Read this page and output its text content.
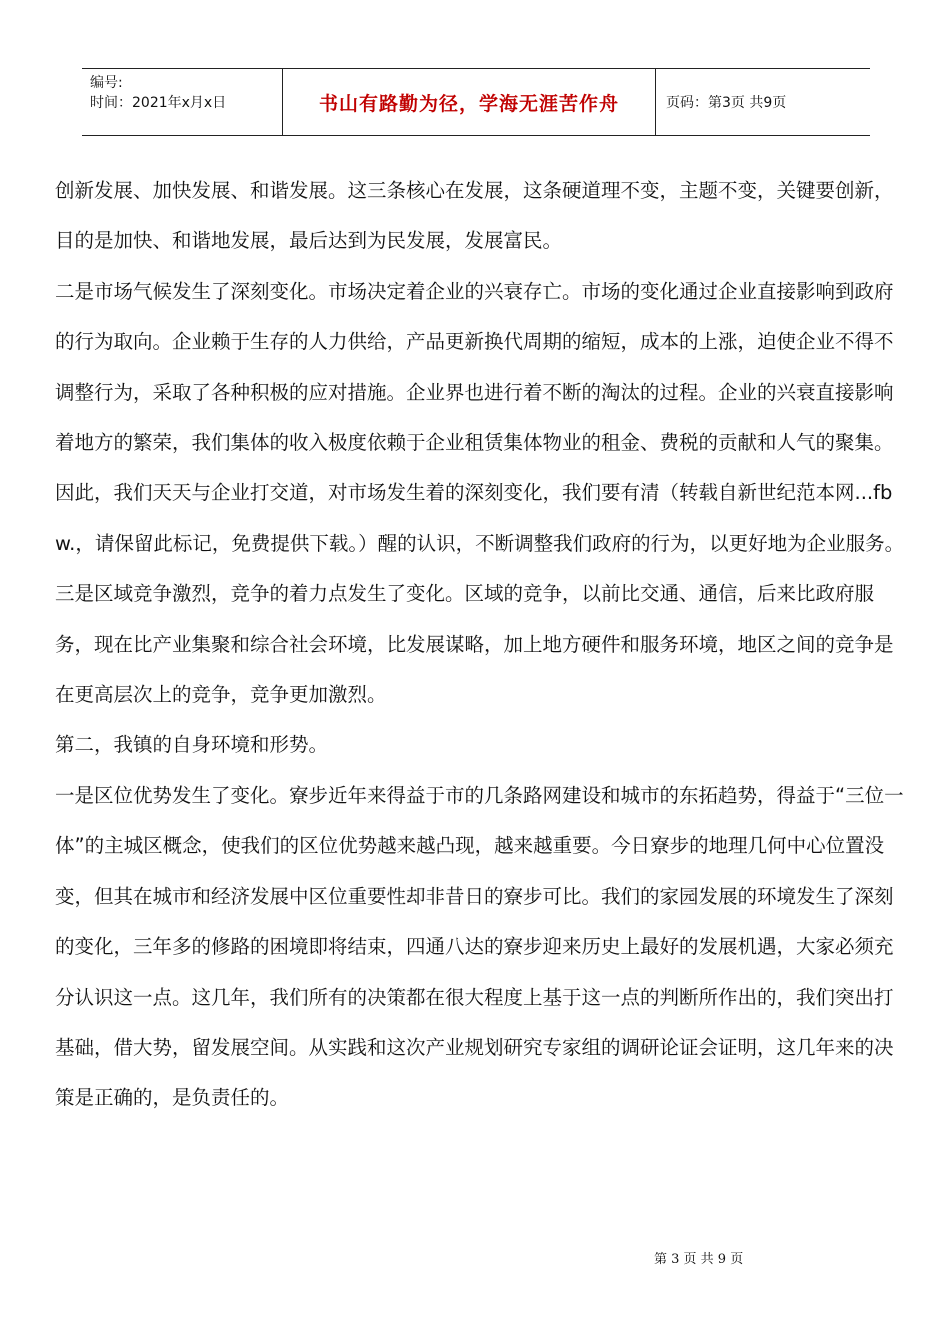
编号:
时间：2021年x月x日	书山有路勤为径，学海无涯苦作舟	页码：第3页 共9页

创新发展、加快发展、和谐发展。这三条核心在发展，这条硬道理不变，主题不变，关键要创新，目的是加快、和谐地发展，最后达到为民发展，发展富民。

二是市场气候发生了深刻变化。市场决定着企业的兴衰存亡。市场的变化通过企业直接影响到政府的行为取向。企业赖于生存的人力供给，产品更新换代周期的缩短，成本的上涨，迫使企业不得不调整行为，采取了各种积极的应对措施。企业界也进行着不断的淘汰的过程。企业的兴衰直接影响着地方的繁荣，我们集体的收入极度依赖于企业租赁集体物业的租金、费税的贡献和人气的聚集。因此，我们天天与企业打交道，对市场发生着的深刻变化，我们要有清（转载自新世纪范本网...fbw.，请保留此标记，免费提供下载。）醒的认识，不断调整我们政府的行为，以更好地为企业服务。

三是区域竞争激烈，竞争的着力点发生了变化。区域的竞争，以前比交通、通信，后来比政府服务，现在比产业集聚和综合社会环境，比发展谋略，加上地方硬件和服务环境，地区之间的竞争是在更高层次上的竞争，竞争更加激烈。

第二，我镇的自身环境和形势。

一是区位优势发生了变化。寮步近年来得益于市的几条路网建设和城市的东拓趋势，得益于“三位一体”的主城区概念，使我们的区位优势越来越凸现，越来越重要。今日寮步的地理几何中心位置没变，但其在城市和经济发展中区位重要性却非昔日的寮步可比。我们的家园发展的环境发生了深刻的变化，三年多的修路的困境即将结束，四通八达的寮步迎来历史上最好的发展机遇，大家必须充分认识这一点。这几年，我们所有的决策都在很大程度上基于这一点的判断所作出的，我们突出打基础，借大势，留发展空间。从实践和这次产业规划研究专家组的调研论证会证明，这几年来的决策是正确的，是负责任的。

第 3 页 共 9 页
